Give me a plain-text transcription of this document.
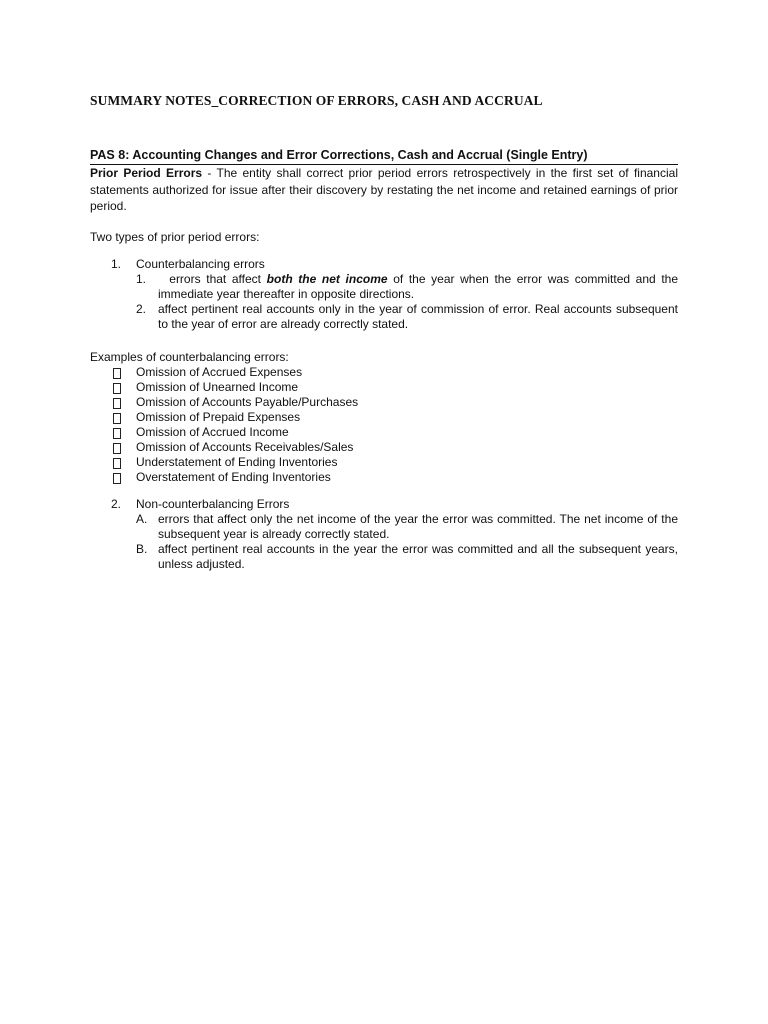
SUMMARY NOTES_CORRECTION OF ERRORS, CASH AND ACCRUAL
PAS 8: Accounting Changes and Error Corrections, Cash and Accrual (Single Entry)

Prior Period Errors - The entity shall correct prior period errors retrospectively in the first set of financial statements authorized for issue after their discovery by restating the net income and retained earnings of prior period.

Two types of prior period errors:

1. Counterbalancing errors
1. errors that affect both the net income of the year when the error was committed and the immediate year thereafter in opposite directions.
2. affect pertinent real accounts only in the year of commission of error. Real accounts subsequent to the year of error are already correctly stated.

Examples of counterbalancing errors:

Omission of Accrued Expenses
Omission of Unearned Income
Omission of Accounts Payable/Purchases
Omission of Prepaid Expenses
Omission of Accrued Income
Omission of Accounts Receivables/Sales
Understatement of Ending Inventories
Overstatement of Ending Inventories
2. Non-counterbalancing Errors
A. errors that affect only the net income of the year the error was committed. The net income of the subsequent year is already correctly stated.
B. affect pertinent real accounts in the year the error was committed and all the subsequent years, unless adjusted.
